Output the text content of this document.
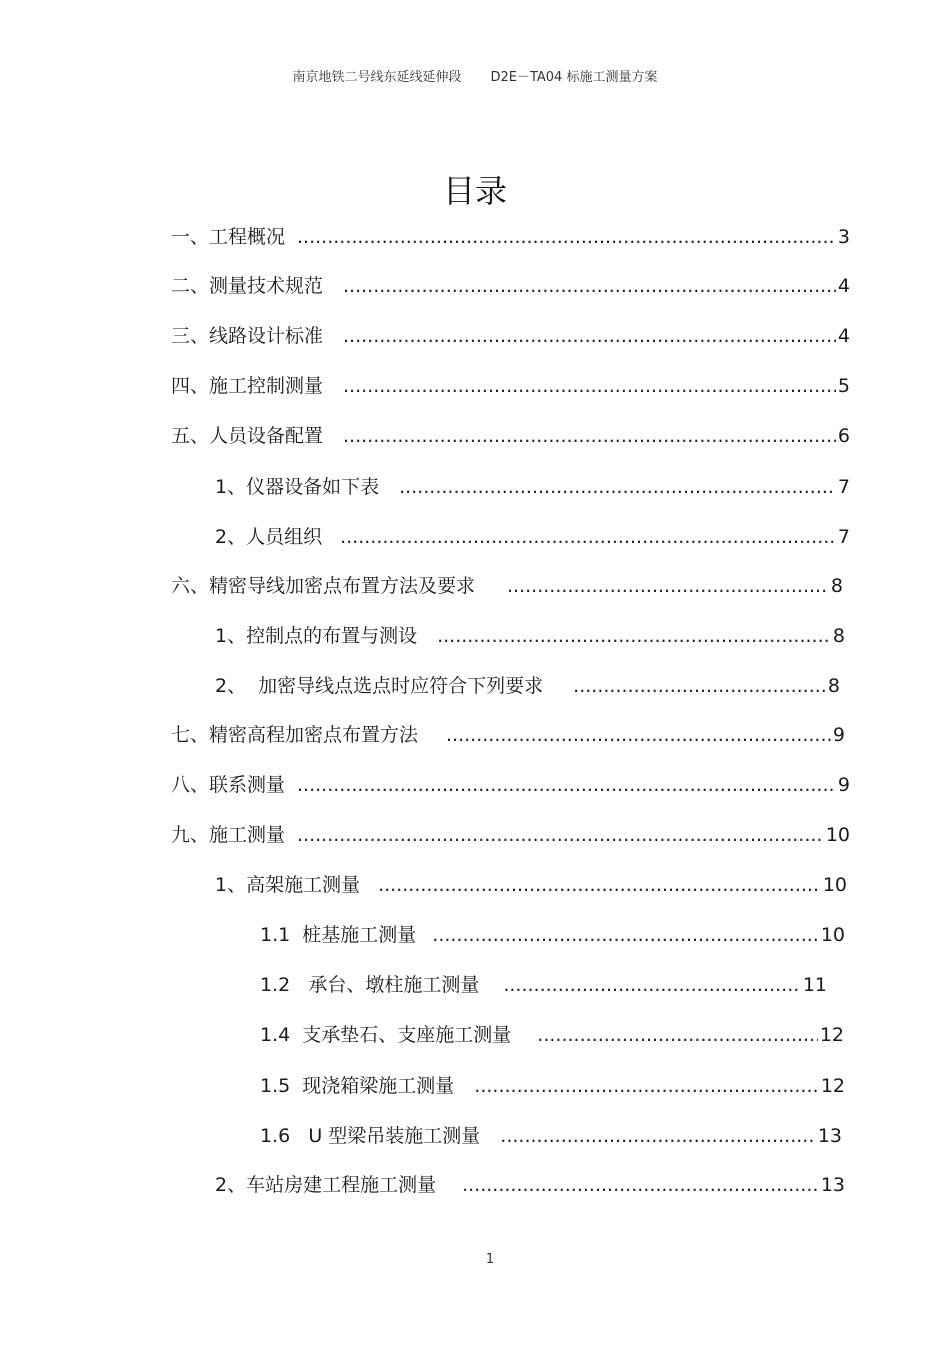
南京地铁二号线东延线延伸段 D2E－TA04 标施工测量方案
目录
一、工程概况 .....	3
二、测量技术规范 .....	4
三、线路设计标准 .....	4
四、施工控制测量 .....	5
五、人员设备配置 .....	6
1、仪器设备如下表 .....	7
2、人员组织 .....	7
六、精密导线加密点布置方法及要求 .....	8
1、控制点的布置与测设 .....	8
2、  加密导线点选点时应符合下列要求 .....	8
七、精密高程加密点布置方法 .....	9
八、联系测量 .....	9
九、施工测量 .....	10
1、高架施工测量 .....	10
1.1  桩基施工测量 .....	10
1.2   承台、墩柱施工测量 .....	11
1.4  支承垫石、支座施工测量 .....	12
1.5  现浇箱梁施工测量 .....	12
1.6   U 型梁吊装施工测量 .....	13
2、车站房建工程施工测量 .....	13
1
